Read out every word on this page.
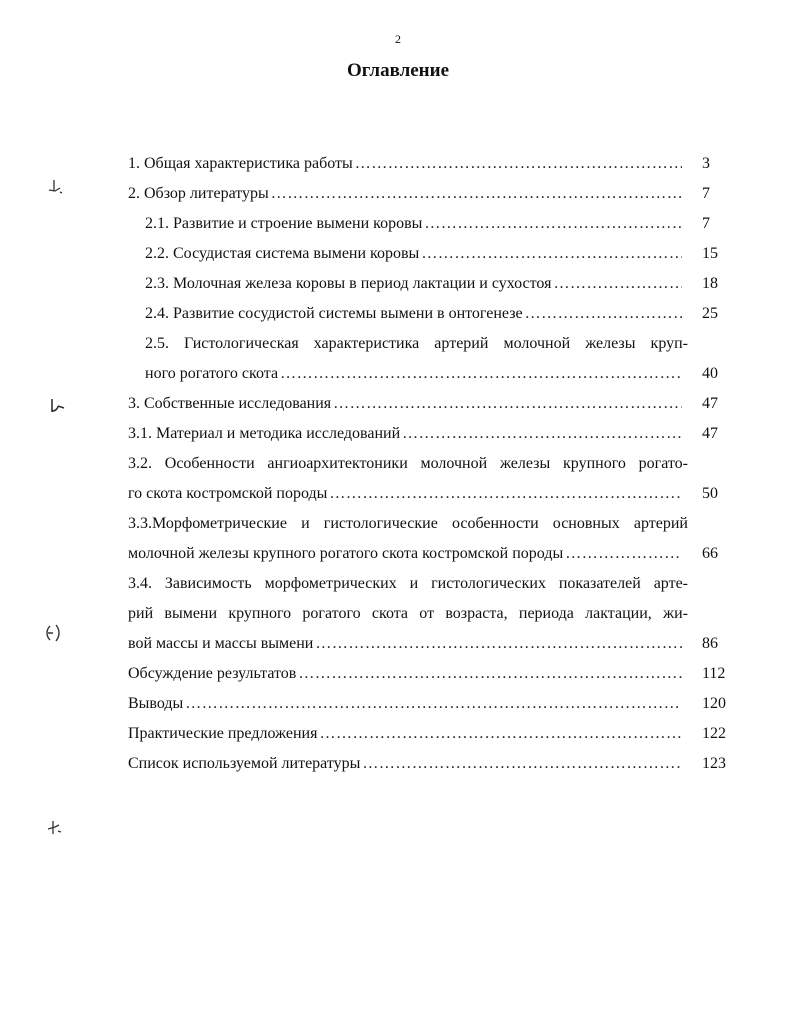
2
Оглавление
1. Общая характеристика работы …………………………………………………………………………………………………………………………………………………………………………………………………	3
2. Обзор литературы …………………………………………………………………………………………………………………………………………………………………………………………………	7
2.1. Развитие и строение вымени коровы …………………………………………………………………………………………………………………………………………………………………………………………………	7
2.2. Сосудистая система вымени коровы …………………………………………………………………………………………………………………………………………………………………………………………………	15
2.3. Молочная железа коровы в период лактации и сухостоя …………………………………………………………………………………………………………………………………………………………………………………………………	18
2.4. Развитие сосудистой системы вымени в онтогенезе …………………………………………………………………………………………………………………………………………………………………………………………………	25
2.5. Гистологическая характеристика артерий молочной железы круп-
ного рогатого скота …………………………………………………………………………………………………………………………………………………………………………………………………	40
3. Собственные исследования …………………………………………………………………………………………………………………………………………………………………………………………………	47
3.1. Материал и методика исследований …………………………………………………………………………………………………………………………………………………………………………………………………	47
3.2. Особенности ангиоархитектоники молочной железы крупного рогато-
го скота костромской породы …………………………………………………………………………………………………………………………………………………………………………………………………	50
3.3.Морфометрические и гистологические особенности основных артерий
молочной железы крупного рогатого скота костромской породы …………………………………………………………………………………………………………………………………………………………………………………………………	66
3.4. Зависимость морфометрических и гистологических показателей арте-
рий вымени крупного рогатого скота от возраста, периода лактации, жи-
вой массы и массы вымени …………………………………………………………………………………………………………………………………………………………………………………………………	86
Обсуждение результатов …………………………………………………………………………………………………………………………………………………………………………………………………	112
Выводы …………………………………………………………………………………………………………………………………………………………………………………………………	120
Практические предложения …………………………………………………………………………………………………………………………………………………………………………………………………	122
Список используемой литературы …………………………………………………………………………………………………………………………………………………………………………………………………	123
